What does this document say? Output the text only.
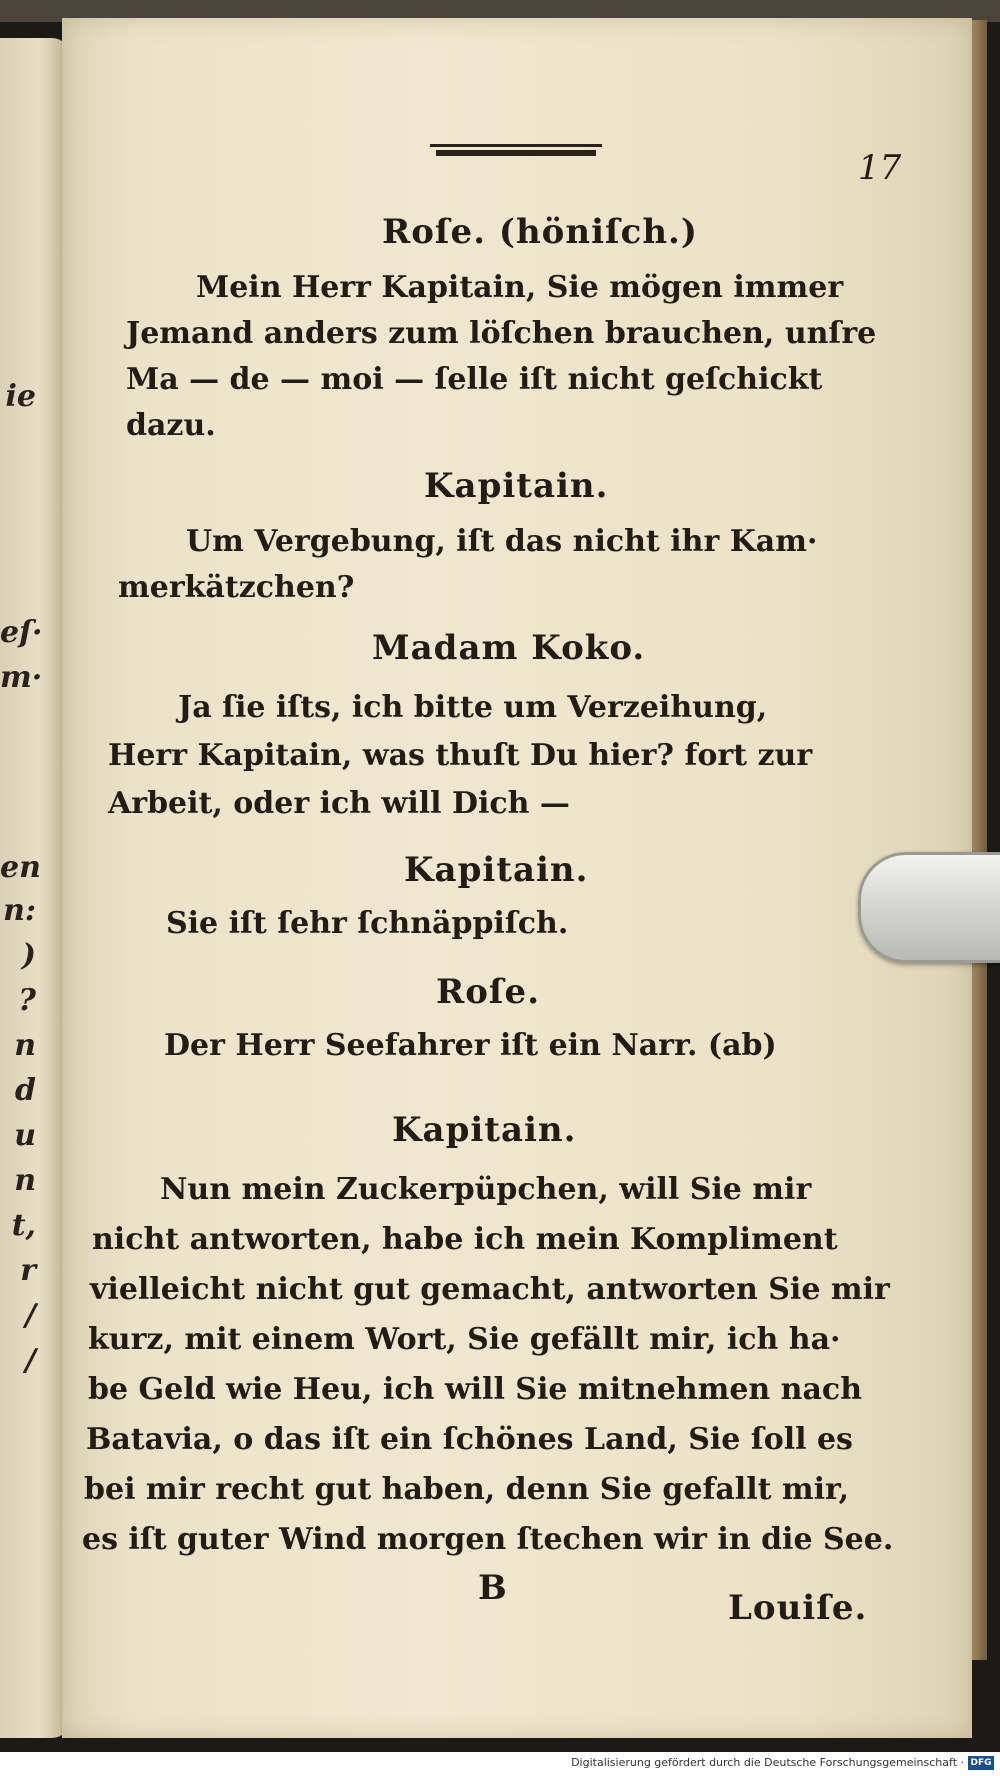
ie
eſ·
m·
en
n:
)
?
n
d
u
n
t,
r
/
/
17
Roſe. (höniſch.)
Mein Herr Kapitain, Sie mögen immer
Jemand anders zum löſchen brauchen, unſre
Ma — de — moi — ſelle iſt nicht geſchickt
dazu.
Kapitain.
Um Vergebung, iſt das nicht ihr Kam·
merkätzchen?
Madam Koko.
Ja ſie iſts, ich bitte um Verzeihung,
Herr Kapitain, was thuſt Du hier? fort zur
Arbeit, oder ich will Dich —
Kapitain.
Sie iſt ſehr ſchnäppiſch.
Roſe.
Der Herr Seefahrer iſt ein Narr. (ab)
Kapitain.
Nun mein Zuckerpüpchen, will Sie mir
nicht antworten, habe ich mein Kompliment
vielleicht nicht gut gemacht, antworten Sie mir
kurz, mit einem Wort, Sie gefällt mir, ich ha·
be Geld wie Heu, ich will Sie mitnehmen nach
Batavia, o das iſt ein ſchönes Land, Sie ſoll es
bei mir recht gut haben, denn Sie gefallt mir,
es iſt guter Wind morgen ſtechen wir in die See.
B	Louiſe.
Digitalisierung gefördert durch die Deutsche Forschungsgemeinschaft · DFG
